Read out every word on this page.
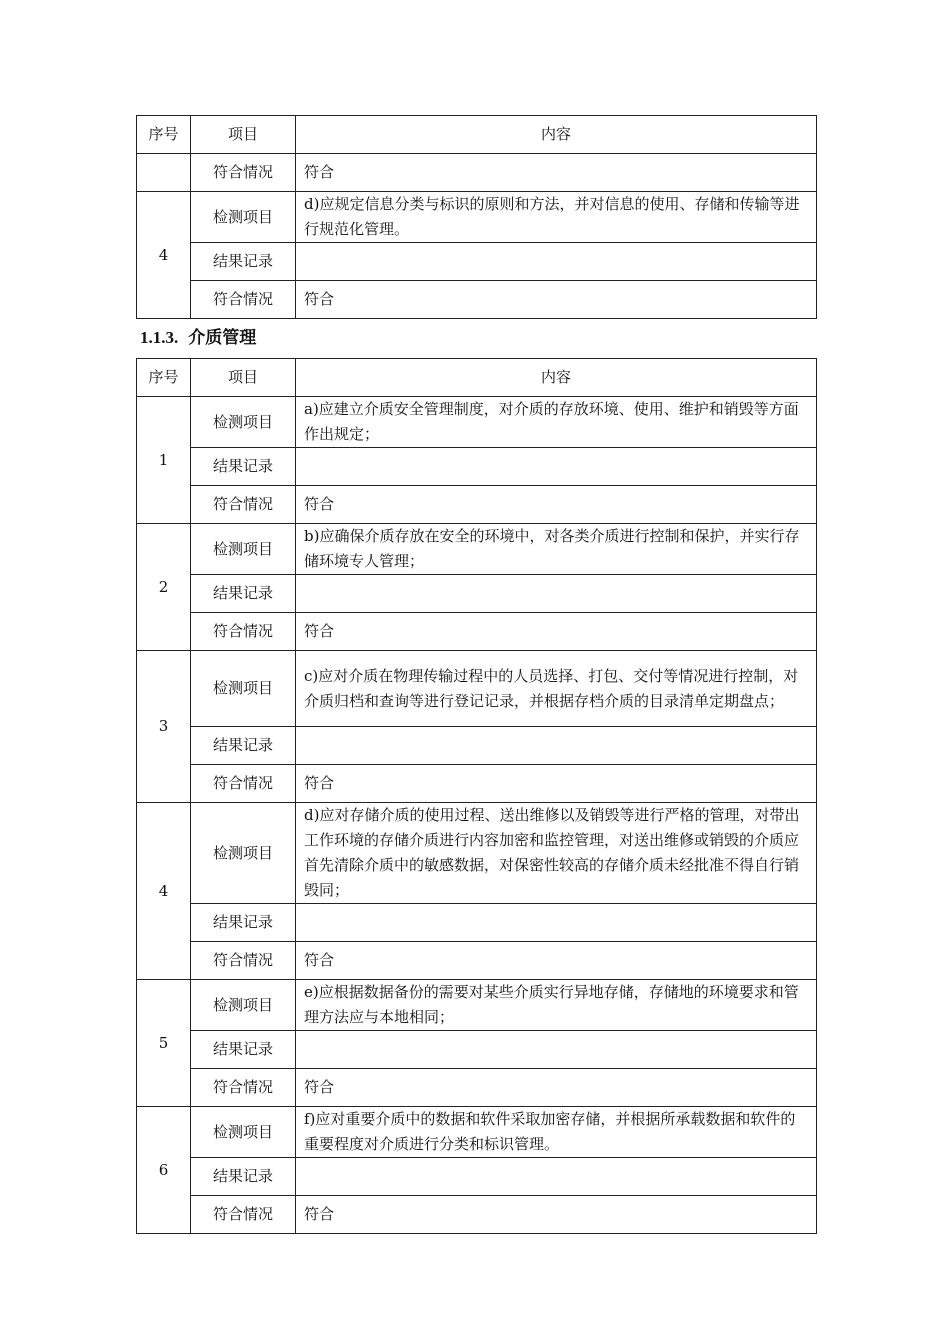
序号	项目	内容
	符合情况	符合
4	检测项目	d)应规定信息分类与标识的原则和方法，并对信息的使用、存储和传输等进行规范化管理。
	结果记录	
	符合情况	符合
1.1.3. 介质管理
序号	项目	内容
1	检测项目	a)应建立介质安全管理制度，对介质的存放环境、使用、维护和销毁等方面作出规定；
	结果记录	
	符合情况	符合
2	检测项目	b)应确保介质存放在安全的环境中，对各类介质进行控制和保护，并实行存储环境专人管理；
	结果记录	
	符合情况	符合
3	检测项目	c)应对介质在物理传输过程中的人员选择、打包、交付等情况进行控制，对介质归档和查询等进行登记记录，并根据存档介质的目录清单定期盘点；
	结果记录	
	符合情况	符合
4	检测项目	d)应对存储介质的使用过程、送出维修以及销毁等进行严格的管理，对带出工作环境的存储介质进行内容加密和监控管理，对送出维修或销毁的介质应首先清除介质中的敏感数据，对保密性较高的存储介质未经批准不得自行销毁同；
	结果记录	
	符合情况	符合
5	检测项目	e)应根据数据备份的需要对某些介质实行异地存储，存储地的环境要求和管理方法应与本地相同；
	结果记录	
	符合情况	符合
6	检测项目	f)应对重要介质中的数据和软件采取加密存储，并根据所承载数据和软件的重要程度对介质进行分类和标识管理。
	结果记录	
	符合情况	符合
